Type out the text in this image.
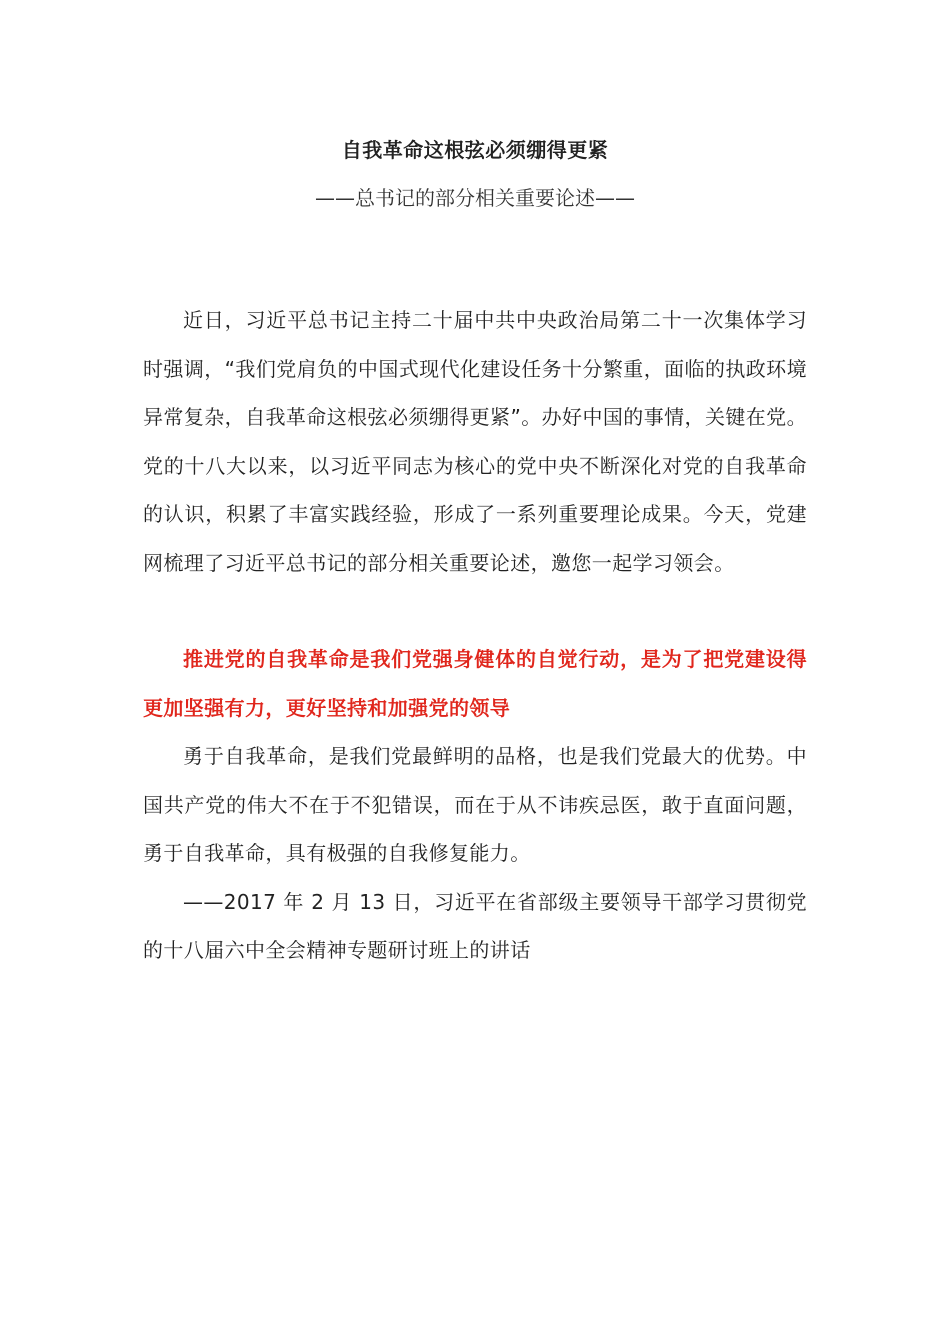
自我革命这根弦必须绷得更紧

——总书记的部分相关重要论述——

近日，习近平总书记主持二十届中共中央政治局第二十一次集体学习时强调，“我们党肩负的中国式现代化建设任务十分繁重，面临的执政环境异常复杂，自我革命这根弦必须绷得更紧”。办好中国的事情，关键在党。党的十八大以来，以习近平同志为核心的党中央不断深化对党的自我革命的认识，积累了丰富实践经验，形成了一系列重要理论成果。今天，党建网梳理了习近平总书记的部分相关重要论述，邀您一起学习领会。

推进党的自我革命是我们党强身健体的自觉行动，是为了把党建设得更加坚强有力，更好坚持和加强党的领导

勇于自我革命，是我们党最鲜明的品格，也是我们党最大的优势。中国共产党的伟大不在于不犯错误，而在于从不讳疾忌医，敢于直面问题，勇于自我革命，具有极强的自我修复能力。

——2017 年 2 月 13 日，习近平在省部级主要领导干部学习贯彻党的十八届六中全会精神专题研讨班上的讲话
